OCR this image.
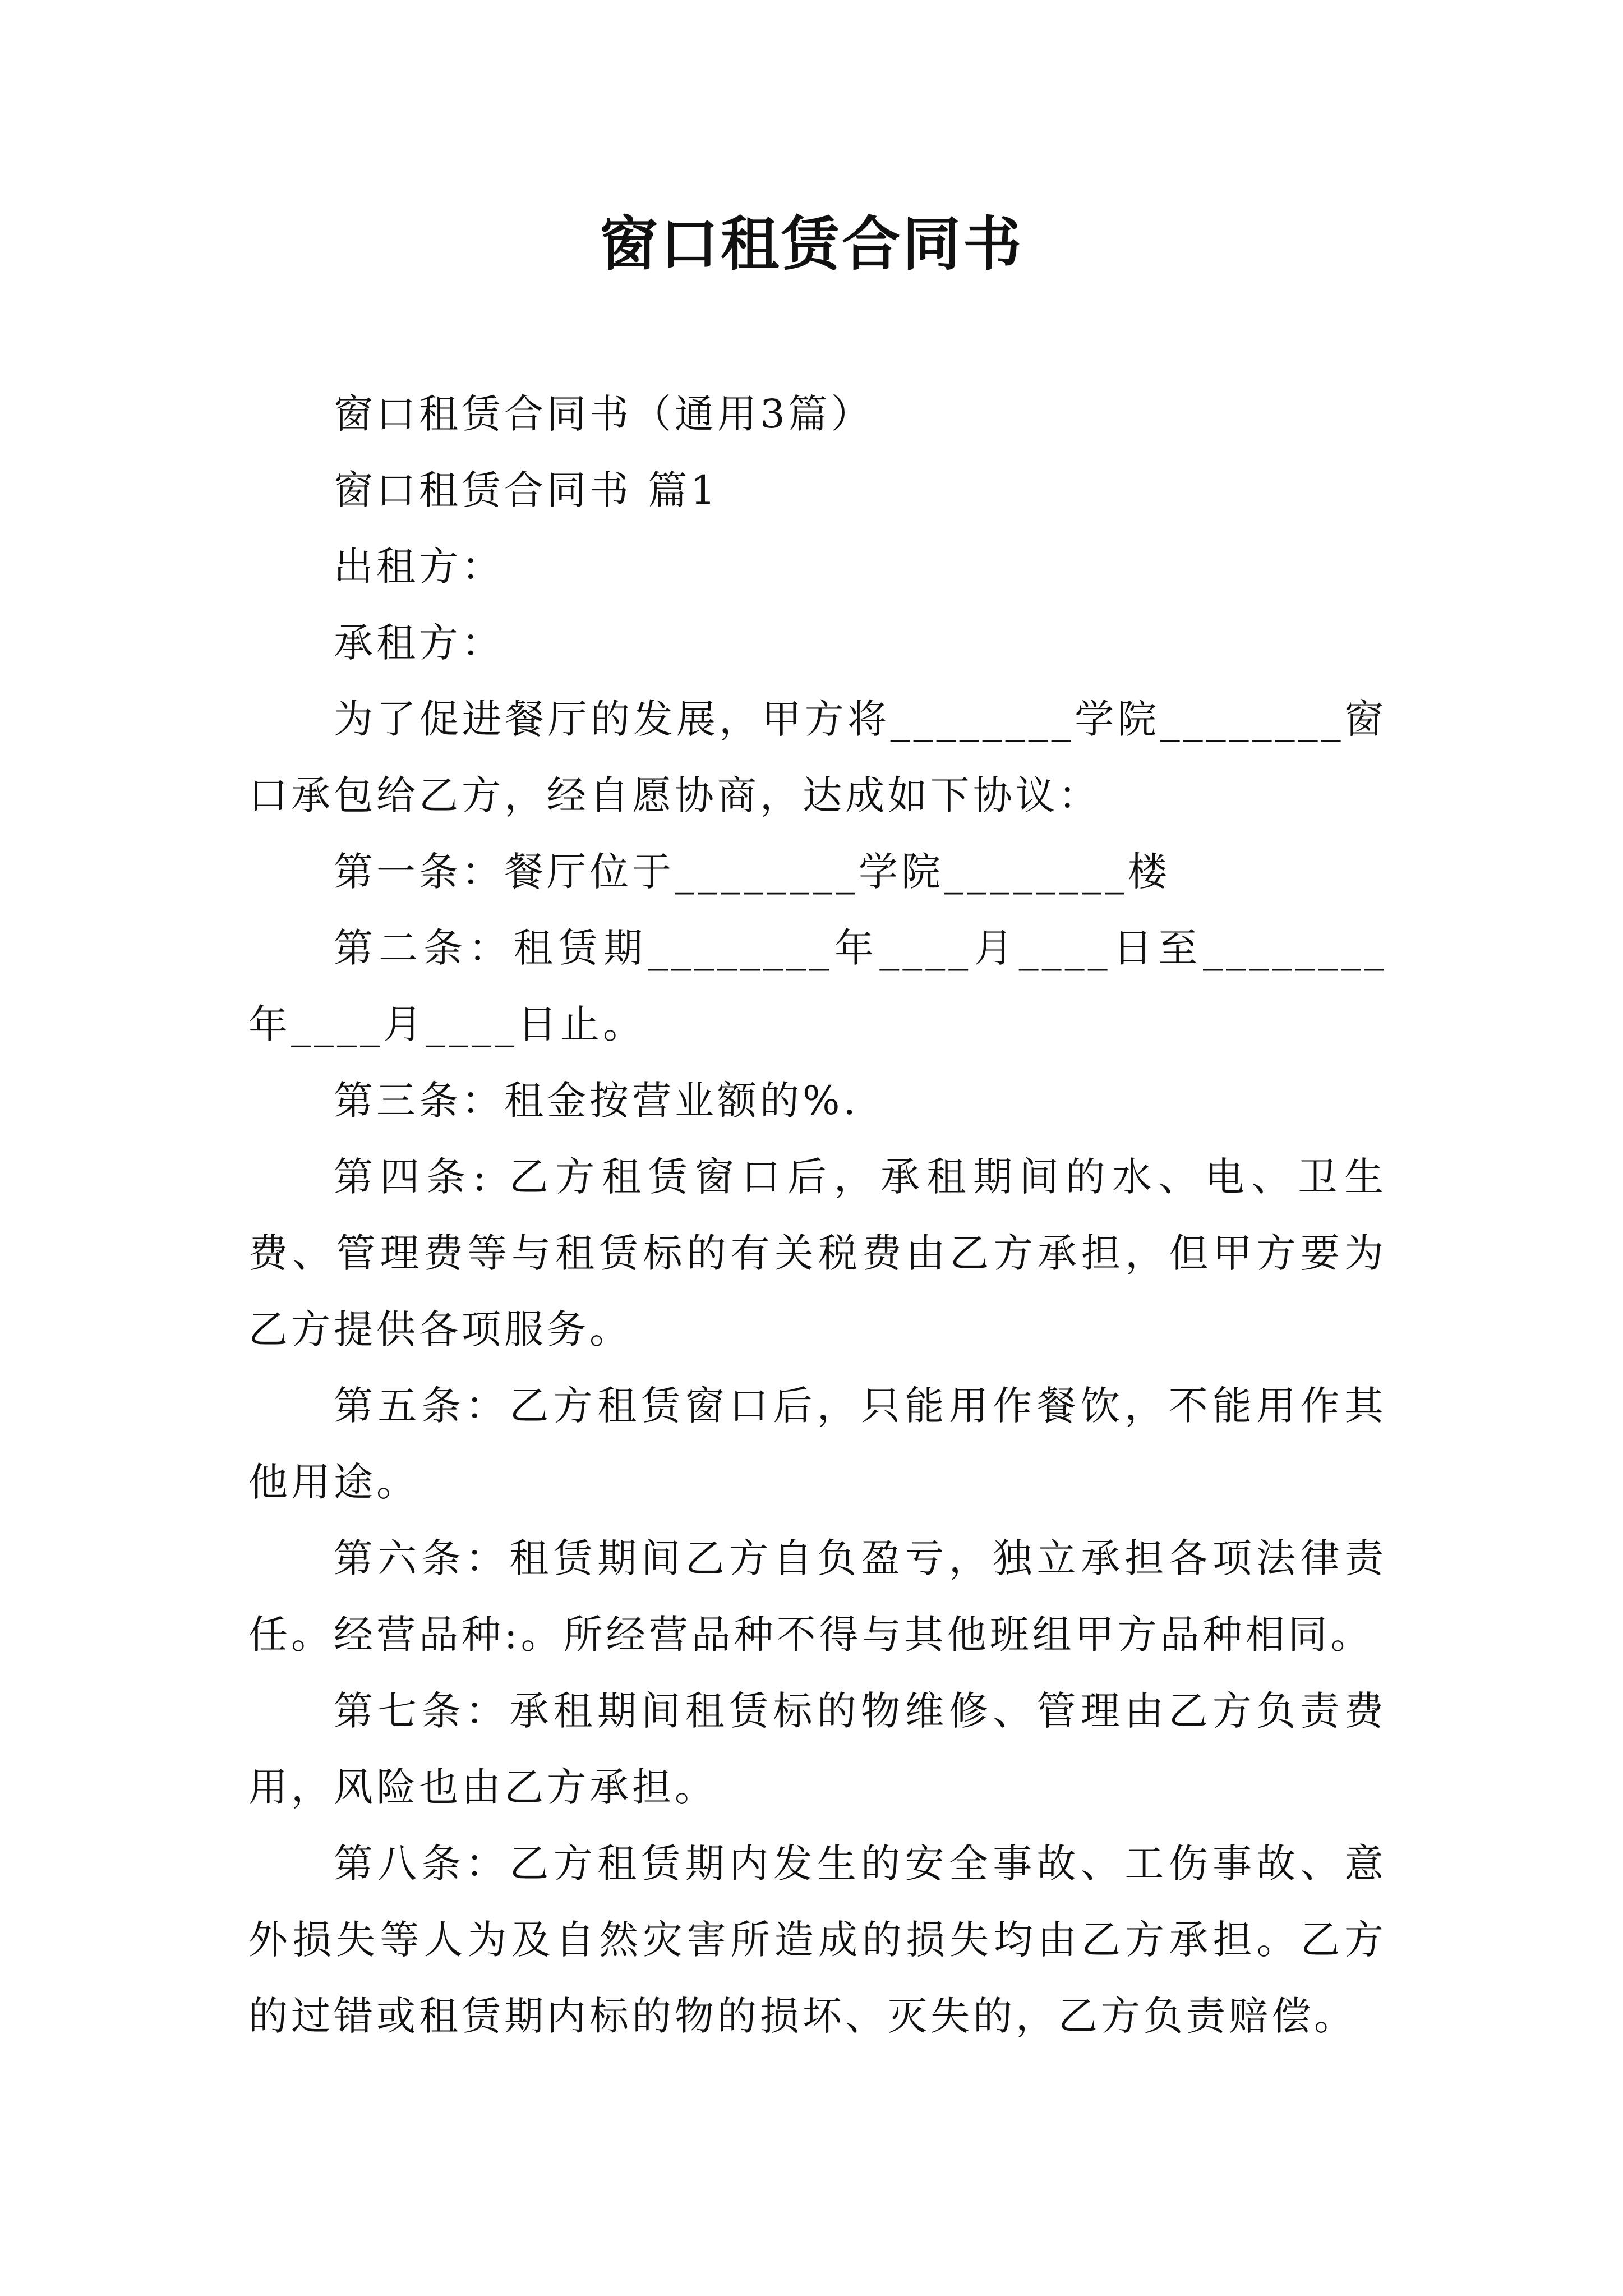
窗口租赁合同书

窗口租赁合同书（通用3篇）

窗口租赁合同书 篇1

出租方：

承租方：

为了促进餐厅的发展，甲方将________学院________窗口承包给乙方，经自愿协商，达成如下协议：

第一条：餐厅位于________学院________楼

第二条：租赁期________年____月____日至________年____月____日止。

第三条：租金按营业额的%.

第四条: 乙方租赁窗口后，承租期间的水、电、卫生费、管理费等与租赁标的有关税费由乙方承担，但甲方要为乙方提供各项服务。

第五条：乙方租赁窗口后，只能用作餐饮，不能用作其他用途。

第六条：租赁期间乙方自负盈亏，独立承担各项法律责任。经营品种:。所经营品种不得与其他班组甲方品种相同。

第七条：承租期间租赁标的物维修、管理由乙方负责费用，风险也由乙方承担。

第八条：乙方租赁期内发生的安全事故、工伤事故、意外损失等人为及自然灾害所造成的损失均由乙方承担。乙方的过错或租赁期内标的物的损坏、灭失的，乙方负责赔偿。
